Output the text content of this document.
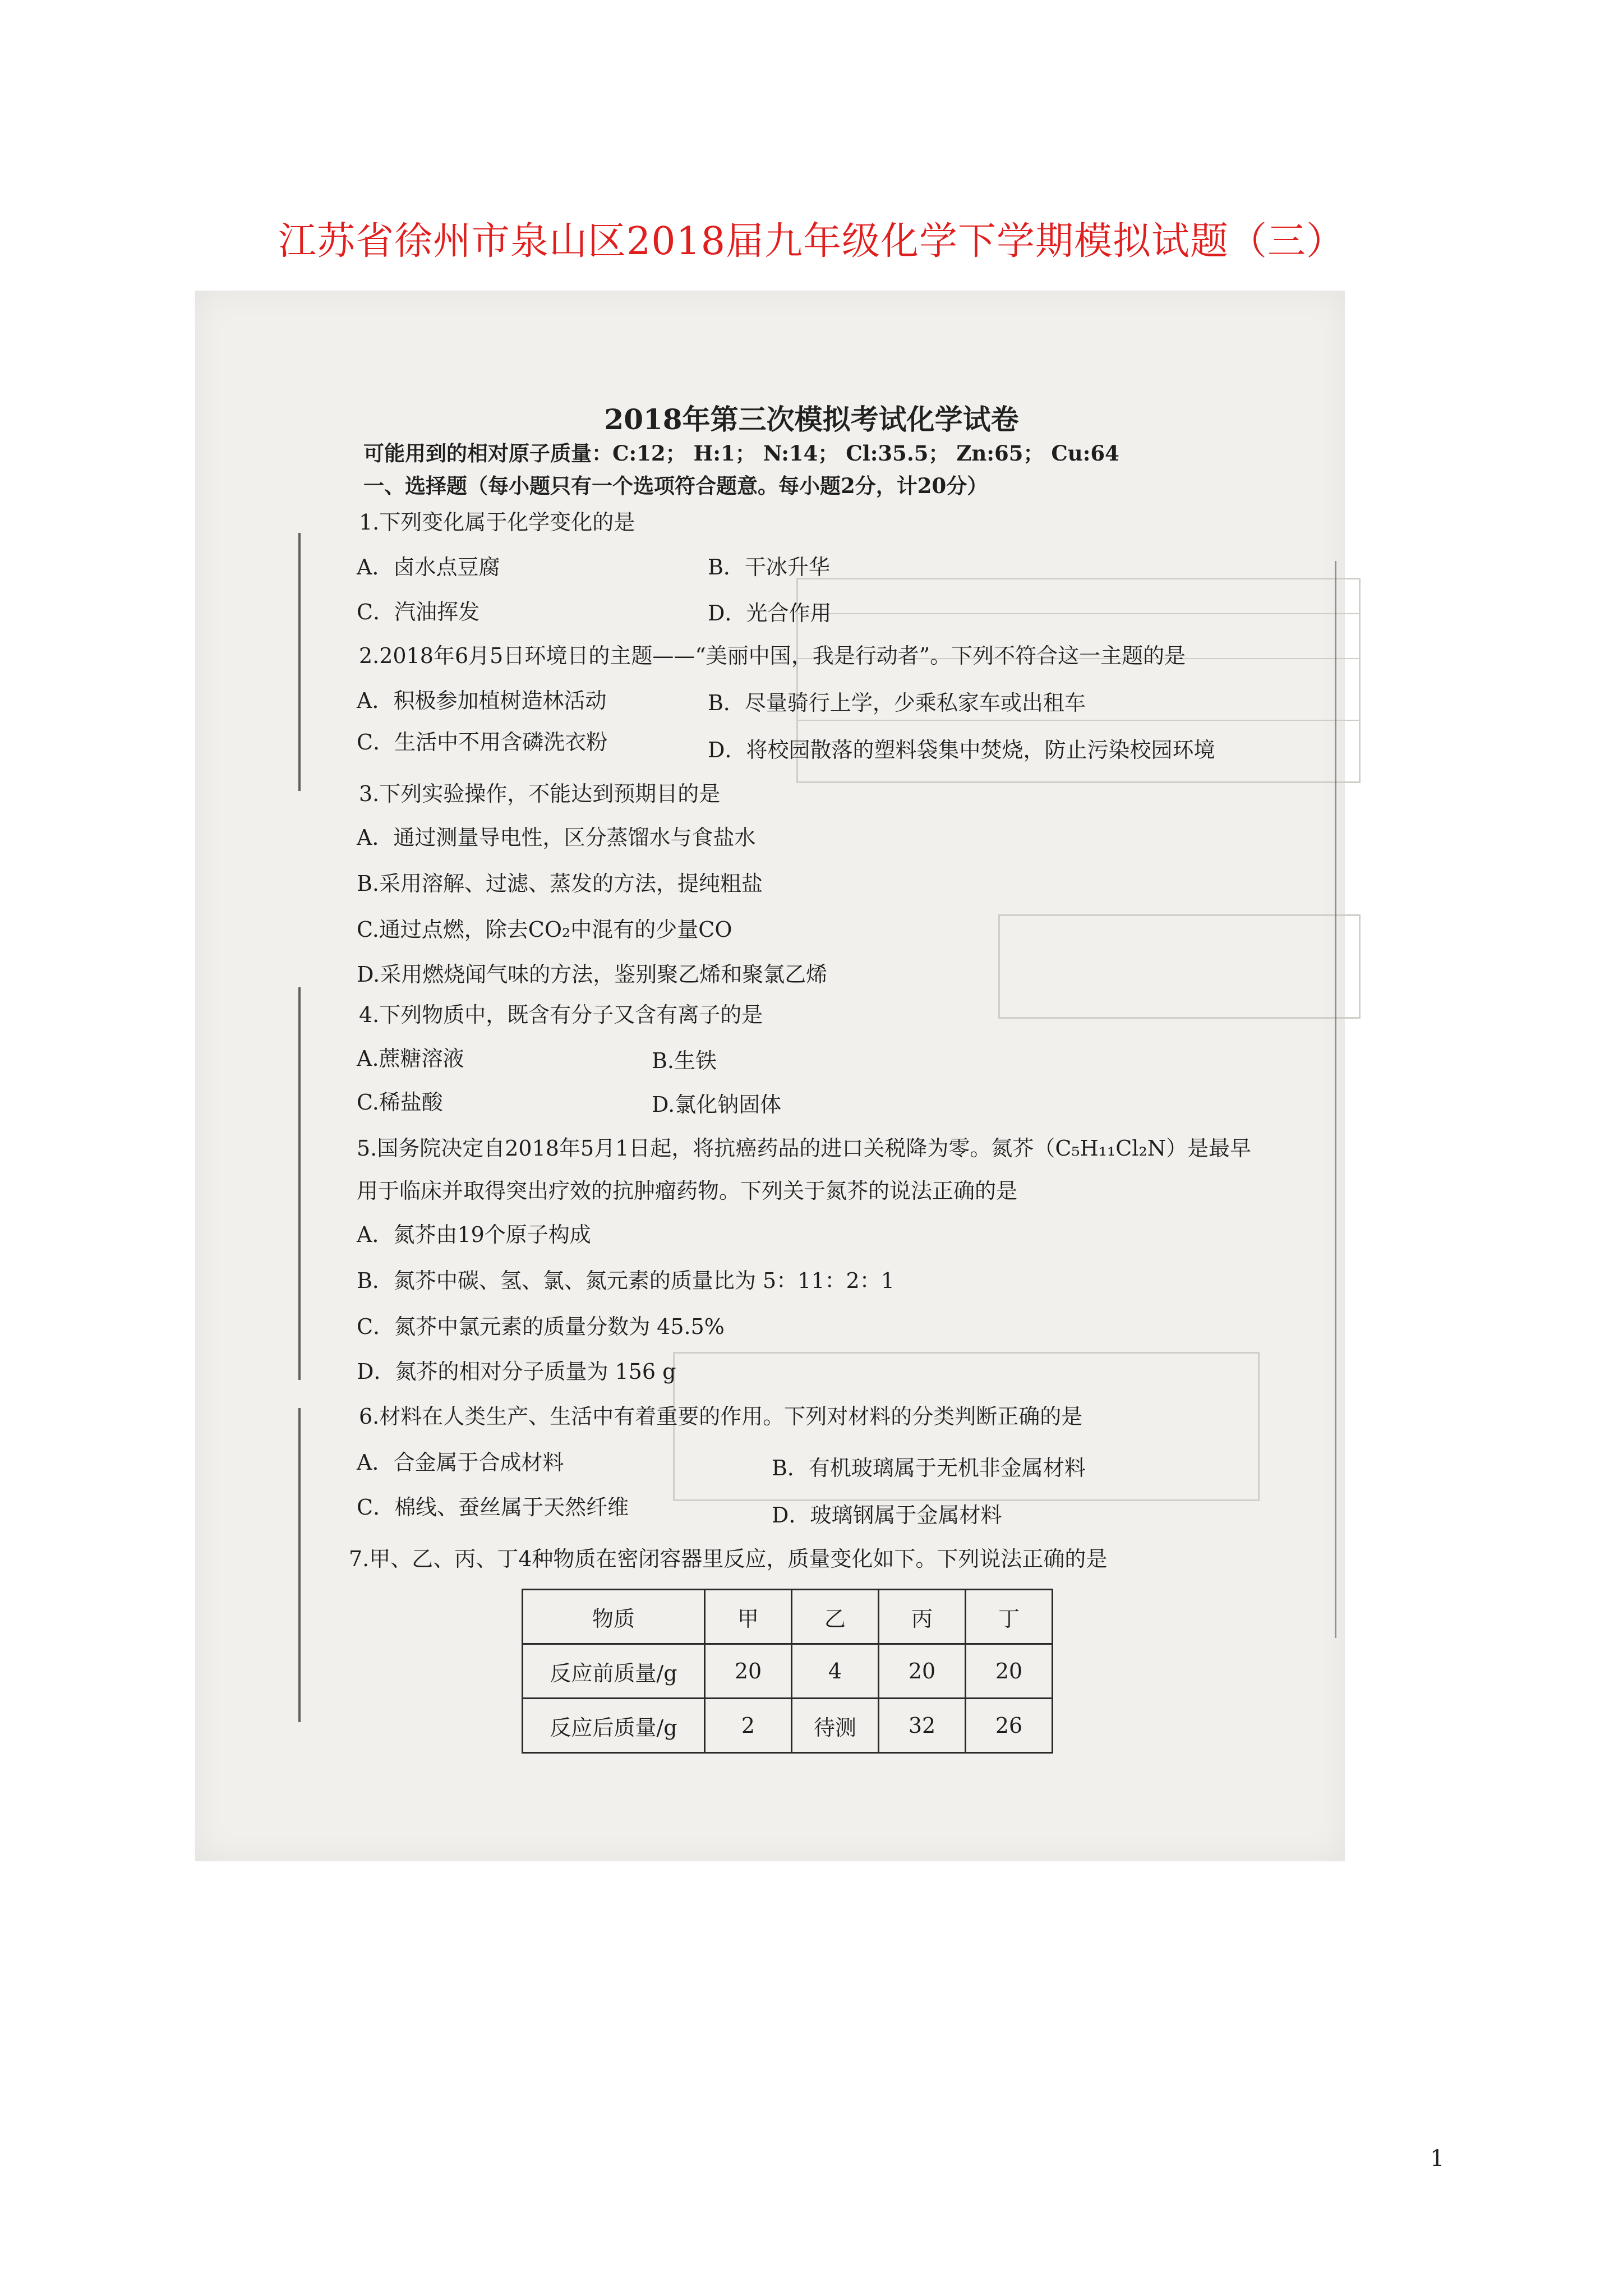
江苏省徐州市泉山区2018届九年级化学下学期模拟试题（三）
2018年第三次模拟考试化学试卷
可能用到的相对原子质量：C:12； H:1； N:14； Cl:35.5； Zn:65； Cu:64
一、选择题（每小题只有一个选项符合题意。每小题2分，计20分）
1.下列变化属于化学变化的是
A．卤水点豆腐	B．干冰升华
C．汽油挥发	D．光合作用
2.2018年6月5日环境日的主题——“美丽中国，我是行动者”。下列不符合这一主题的是
A．积极参加植树造林活动	B．尽量骑行上学，少乘私家车或出租车
C．生活中不用含磷洗衣粉	D．将校园散落的塑料袋集中焚烧，防止污染校园环境
3.下列实验操作，不能达到预期目的是
A．通过测量导电性，区分蒸馏水与食盐水
B.采用溶解、过滤、蒸发的方法，提纯粗盐
C.通过点燃，除去CO₂中混有的少量CO
D.采用燃烧闻气味的方法，鉴别聚乙烯和聚氯乙烯
4.下列物质中，既含有分子又含有离子的是
A.蔗糖溶液	B.生铁
C.稀盐酸	D.氯化钠固体
5.国务院决定自2018年5月1日起，将抗癌药品的进口关税降为零。氮芥（C₅H₁₁Cl₂N）是最早
用于临床并取得突出疗效的抗肿瘤药物。下列关于氮芥的说法正确的是
A．氮芥由19个原子构成
B．氮芥中碳、氢、氯、氮元素的质量比为 5：11：2：1
C．氮芥中氯元素的质量分数为 45.5%
D．氮芥的相对分子质量为 156 g
6.材料在人类生产、生活中有着重要的作用。下列对材料的分类判断正确的是
A．合金属于合成材料	B．有机玻璃属于无机非金属材料
C．棉线、蚕丝属于天然纤维	D．玻璃钢属于金属材料
7.甲、乙、丙、丁4种物质在密闭容器里反应，质量变化如下。下列说法正确的是
物质	甲	乙	丙	丁
反应前质量/g	20	4	20	20
反应后质量/g	2	待测	32	26
1
